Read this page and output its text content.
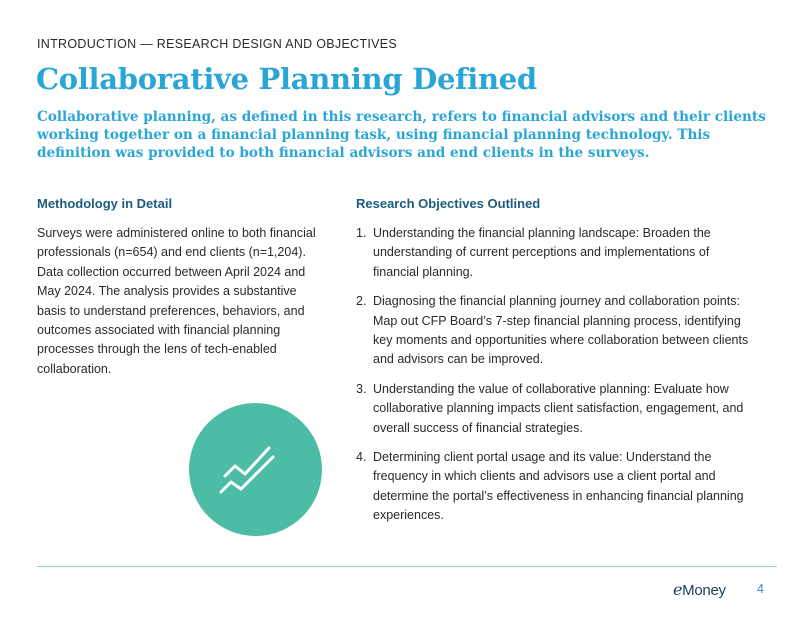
INTRODUCTION — RESEARCH DESIGN AND OBJECTIVES
Collaborative Planning Defined

Collaborative planning, as defined in this research, refers to financial advisors and their clients working together on a financial planning task, using financial planning technology. This definition was provided to both financial advisors and end clients in the surveys.

Methodology in Detail

Surveys were administered online to both financial professionals (n=654) and end clients (n=1,204). Data collection occurred between April 2024 and May 2024. The analysis provides a substantive basis to understand preferences, behaviors, and outcomes associated with financial planning processes through the lens of tech-enabled collaboration.

Research Objectives Outlined
1. Understanding the financial planning landscape: Broaden the understanding of current perceptions and implementations of financial planning.
2. Diagnosing the financial planning journey and collaboration points: Map out CFP Board’s 7-step financial planning process, identifying key moments and opportunities where collaboration between clients and advisors can be improved.
3. Understanding the value of collaborative planning: Evaluate how collaborative planning impacts client satisfaction, engagement, and overall success of financial strategies.
4. Determining client portal usage and its value: Understand the frequency in which clients and advisors use a client portal and determine the portal’s effectiveness in enhancing financial planning experiences.
eMoney	4
